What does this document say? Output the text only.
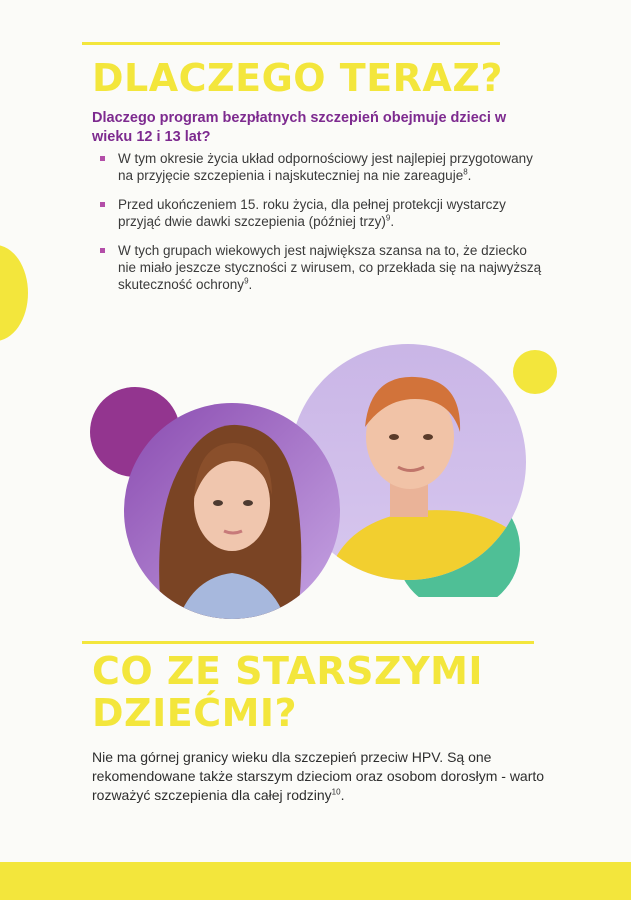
DLACZEGO TERAZ?

Dlaczego program bezpłatnych szczepień obejmuje dzieci w wieku 12 i 13 lat?

W tym okresie życia układ odpornościowy jest najlepiej przygotowany na przyjęcie szczepienia i najskuteczniej na nie zareaguje$^8$.
Przed ukończeniem 15. roku życia, dla pełnej protekcji wystarczy przyjąć dwie dawki szczepienia (później trzy)$^9$.
W tych grupach wiekowych jest największa szansa na to, że dziecko nie miało jeszcze styczności z wirusem, co przekłada się na najwyższą skuteczność ochrony$^9$.
CO ZE STARSZYMI DZIEĆMI?

Nie ma górnej granicy wieku dla szczepień przeciw HPV. Są one rekomendowane także starszym dzieciom oraz osobom dorosłym - warto rozważyć szczepienia dla całej rodziny$^{10}$.
